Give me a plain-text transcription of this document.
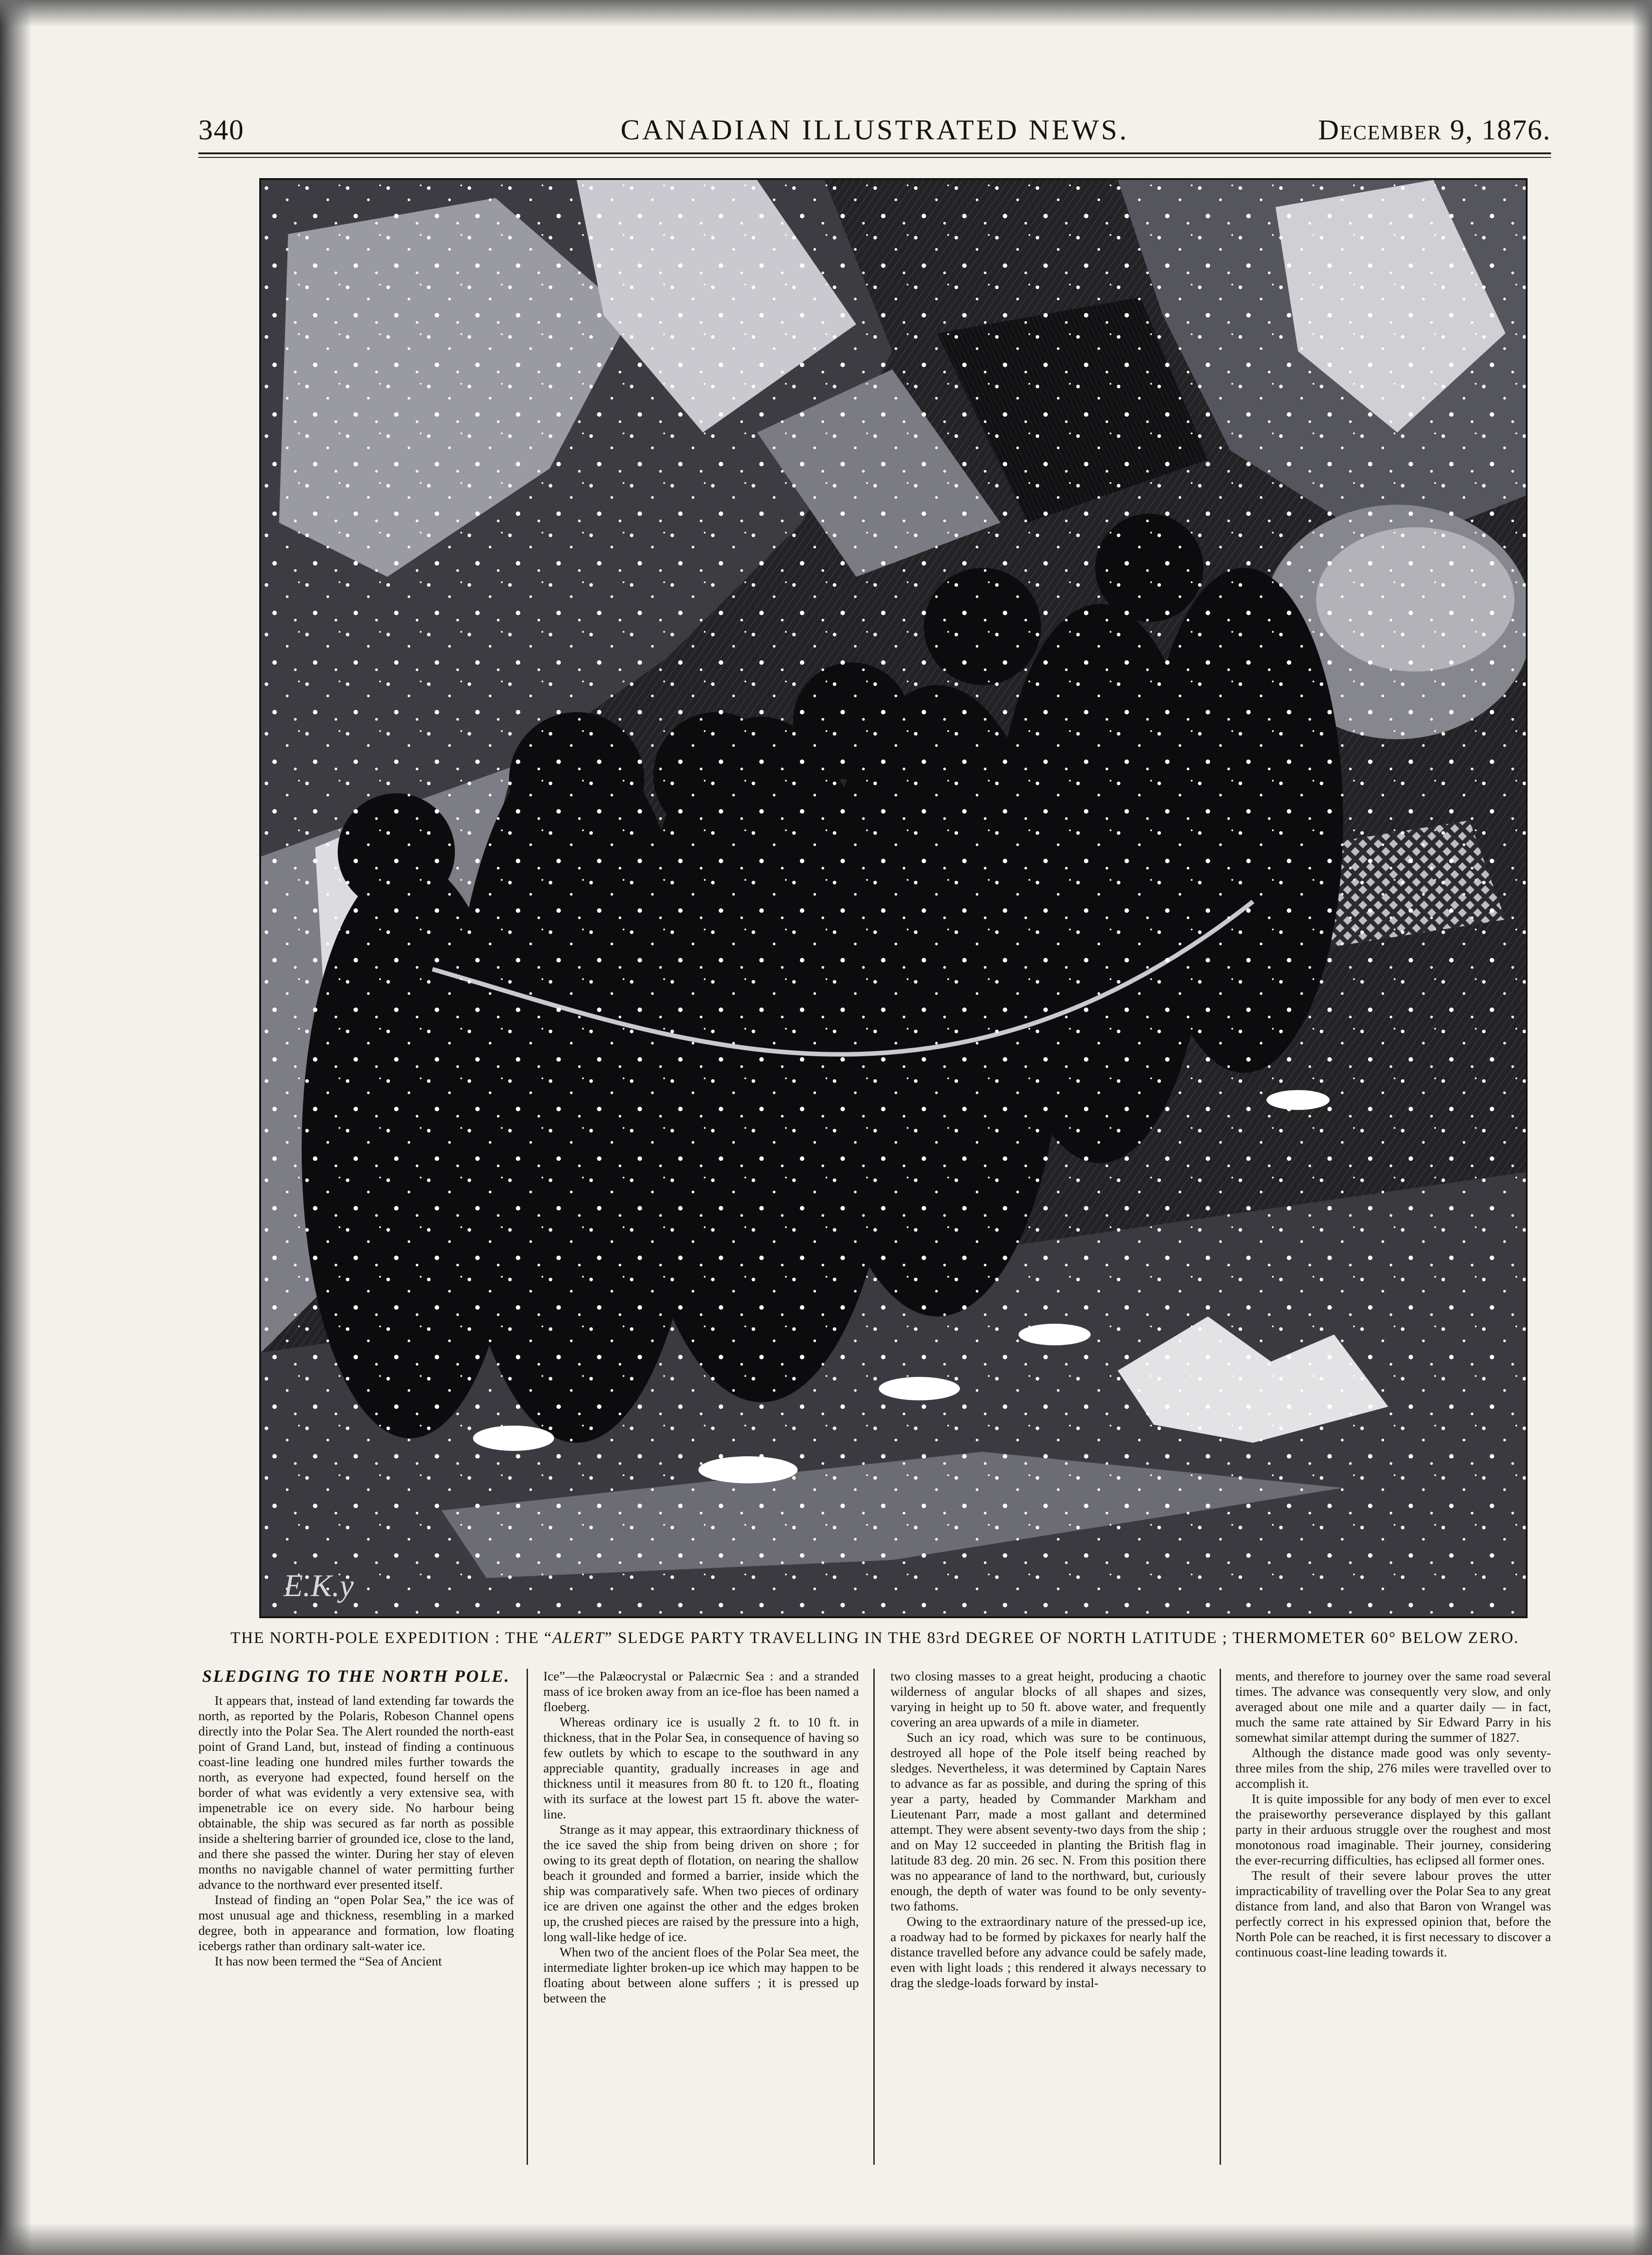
340	CANADIAN ILLUSTRATED NEWS.	December 9, 1876.
E.K.y
THE NORTH-POLE EXPEDITION : THE “ALERT” SLEDGE PARTY TRAVELLING IN THE 83rd DEGREE OF NORTH LATITUDE ; THERMOMETER 60° BELOW ZERO.
SLEDGING TO THE NORTH POLE.

It appears that, instead of land extending far towards the north, as reported by the Polaris, Robeson Channel opens directly into the Polar Sea. The Alert rounded the north-east point of Grand Land, but, instead of finding a continuous coast-line leading one hundred miles further towards the north, as everyone had expected, found herself on the border of what was evidently a very extensive sea, with impenetrable ice on every side. No harbour being obtainable, the ship was secured as far north as possible inside a sheltering barrier of grounded ice, close to the land, and there she passed the winter. During her stay of eleven months no navigable channel of water permitting further advance to the northward ever presented itself.

Instead of finding an “open Polar Sea,” the ice was of most unusual age and thickness, resembling in a marked degree, both in appearance and formation, low floating icebergs rather than ordinary salt-water ice.

It has now been termed the “Sea of Ancient

Ice”—the Palæocrystal or Palæcrnic Sea : and a stranded mass of ice broken away from an ice-floe has been named a floeberg.

Whereas ordinary ice is usually 2 ft. to 10 ft. in thickness, that in the Polar Sea, in consequence of having so few outlets by which to escape to the southward in any appreciable quantity, gradually increases in age and thickness until it measures from 80 ft. to 120 ft., floating with its surface at the lowest part 15 ft. above the water-line.

Strange as it may appear, this extraordinary thickness of the ice saved the ship from being driven on shore ; for owing to its great depth of flotation, on nearing the shallow beach it grounded and formed a barrier, inside which the ship was comparatively safe. When two pieces of ordinary ice are driven one against the other and the edges broken up, the crushed pieces are raised by the pressure into a high, long wall-like hedge of ice.

When two of the ancient floes of the Polar Sea meet, the intermediate lighter broken-up ice which may happen to be floating about between alone suffers ; it is pressed up between the

two closing masses to a great height, producing a chaotic wilderness of angular blocks of all shapes and sizes, varying in height up to 50 ft. above water, and frequently covering an area upwards of a mile in diameter.

Such an icy road, which was sure to be continuous, destroyed all hope of the Pole itself being reached by sledges. Nevertheless, it was determined by Captain Nares to advance as far as possible, and during the spring of this year a party, headed by Commander Markham and Lieutenant Parr, made a most gallant and determined attempt. They were absent seventy-two days from the ship ; and on May 12 succeeded in planting the British flag in latitude 83 deg. 20 min. 26 sec. N. From this position there was no appearance of land to the northward, but, curiously enough, the depth of water was found to be only seventy-two fathoms.

Owing to the extraordinary nature of the pressed-up ice, a roadway had to be formed by pickaxes for nearly half the distance travelled before any advance could be safely made, even with light loads ; this rendered it always necessary to drag the sledge-loads forward by instal-

ments, and therefore to journey over the same road several times. The advance was consequently very slow, and only averaged about one mile and a quarter daily — in fact, much the same rate attained by Sir Edward Parry in his somewhat similar attempt during the summer of 1827.

Although the distance made good was only seventy-three miles from the ship, 276 miles were travelled over to accomplish it.

It is quite impossible for any body of men ever to excel the praiseworthy perseverance displayed by this gallant party in their arduous struggle over the roughest and most monotonous road imaginable. Their journey, considering the ever-recurring difficulties, has eclipsed all former ones.

The result of their severe labour proves the utter impracticability of travelling over the Polar Sea to any great distance from land, and also that Baron von Wrangel was perfectly correct in his expressed opinion that, before the North Pole can be reached, it is first necessary to discover a continuous coast-line leading towards it.
